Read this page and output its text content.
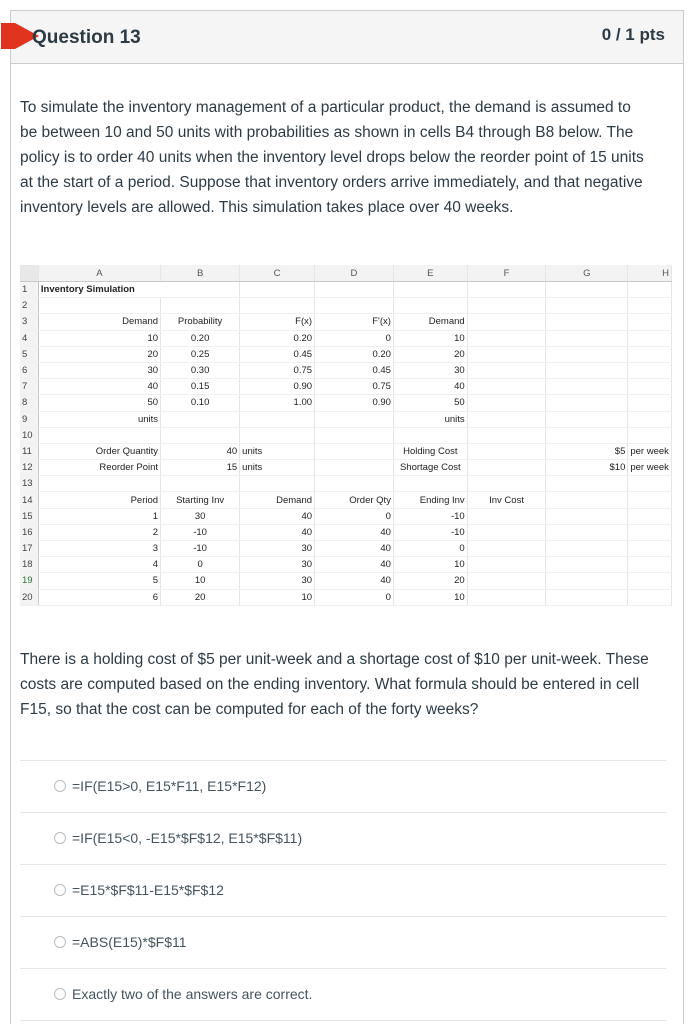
Question 13	0 / 1 pts
To simulate the inventory management of a particular product, the demand is assumed to be between 10 and 50 units with probabilities as shown in cells B4 through B8 below. The policy is to order 40 units when the inventory level drops below the reorder point of 15 units at the start of a period. Suppose that inventory orders arrive immediately, and that negative inventory levels are allowed. This simulation takes place over 40 weeks.
	A	B	C	D	E	F	G	H
1	Inventory Simulation							
2								
3	Demand	Probability	F(x)	F'(x)	Demand			
4	10	0.20	0.20	0	10			
5	20	0.25	0.45	0.20	20			
6	30	0.30	0.75	0.45	30			
7	40	0.15	0.90	0.75	40			
8	50	0.10	1.00	0.90	50			
9	units				units			
10								
11	Order Quantity	40	units		Holding Cost		$5	per week
12	Reorder Point	15	units		Shortage Cost		$10	per week
13								
14	Period	Starting Inv	Demand	Order Qty	Ending Inv	Inv Cost		
15	1	30	40	0	-10			
16	2	-10	40	40	-10			
17	3	-10	30	40	0			
18	4	0	30	40	10			
19	5	10	30	40	20			
20	6	20	10	0	10			
There is a holding cost of $5 per unit-week and a shortage cost of $10 per unit-week. These costs are computed based on the ending inventory. What formula should be entered in cell F15, so that the cost can be computed for each of the forty weeks?
=IF(E15>0, E15*F11, E15*F12)
=IF(E15<0, -E15*$F$12, E15*$F$11)
=E15*$F$11-E15*$F$12
=ABS(E15)*$F$11
Exactly two of the answers are correct.
